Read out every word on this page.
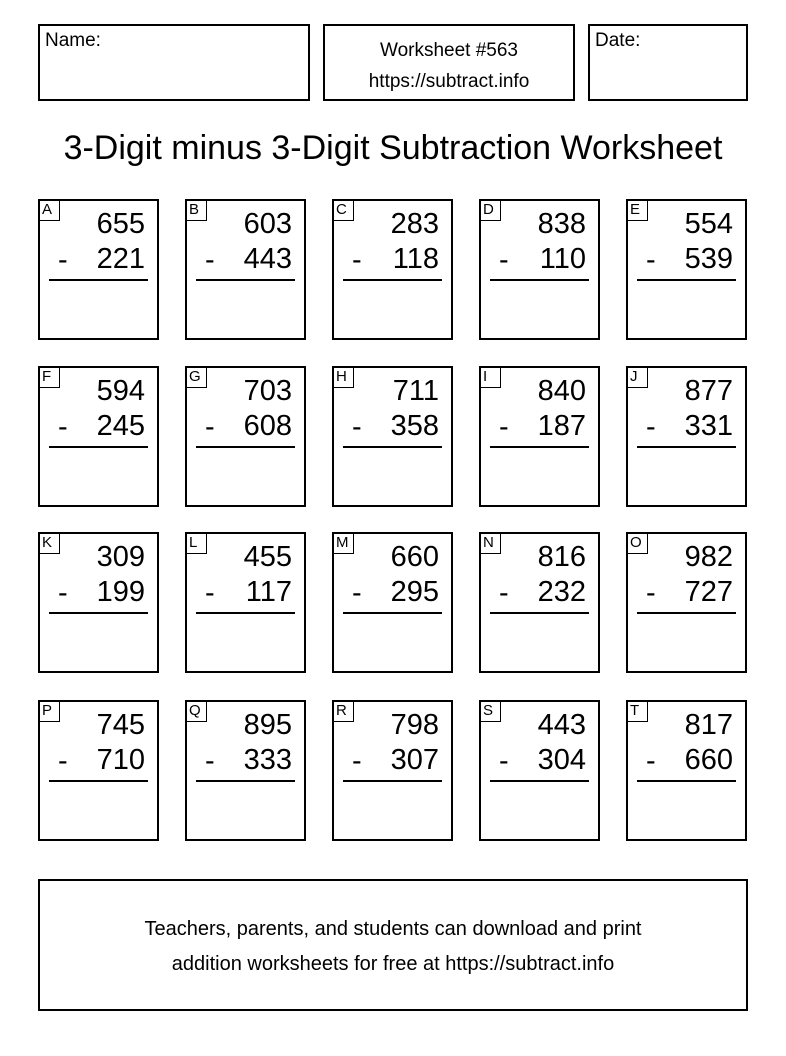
Name:	Worksheet #563
https://subtract.info
Date:
3-Digit minus 3-Digit Subtraction Worksheet
A 655
- 221
B 603
- 443
C 283
- 118
D 838
- 110
E 554
- 539
F	594
- 245
G 703
- 608
H 711
- 358
I	840
- 187
J	877
- 331
K 309
- 199
L	455
- 117
M 660
- 295
N 816
- 232
O 982
- 727
P 745
- 710
Q 895
- 333
R 798
- 307
S 443
- 304
T	817
- 660
Teachers, parents, and students can download and print
addition worksheets for free at https://subtract.info
